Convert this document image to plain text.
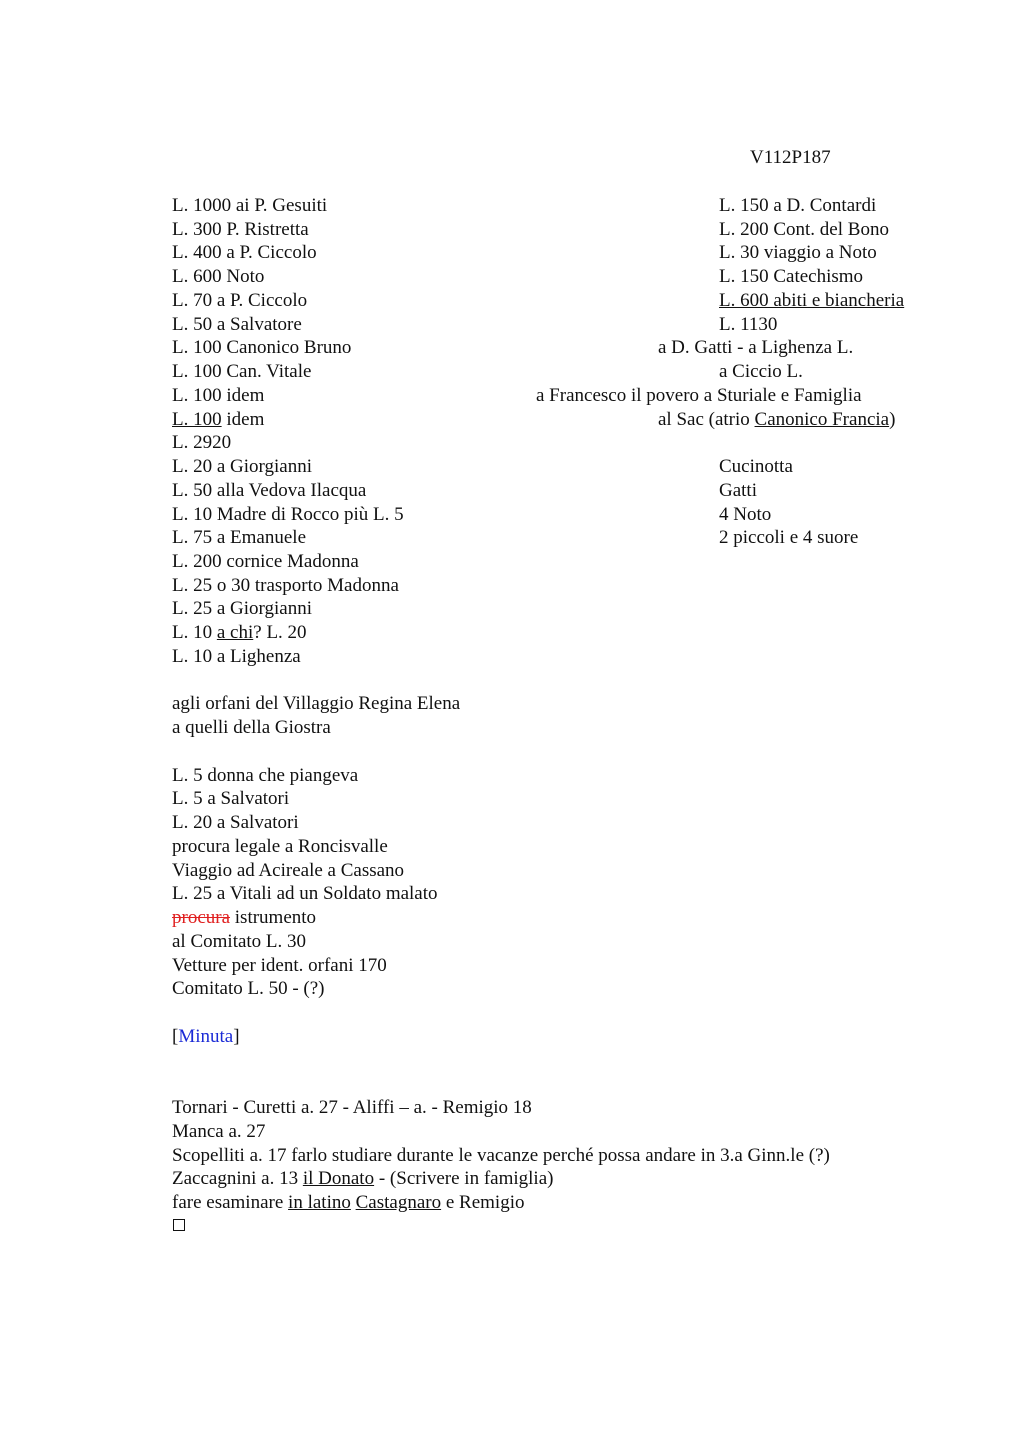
V112P187
L. 1000 ai P. Gesuiti
L. 300 P. Ristretta
L. 400 a P. Ciccolo
L. 600 Noto
L. 70 a P. Ciccolo
L. 50 a Salvatore
L. 100 Canonico Bruno
L. 100 Can. Vitale
L. 100 idem
L. 100 idem
L. 2920
L. 20 a Giorgianni
L. 50 alla Vedova Ilacqua
L. 10 Madre di Rocco più L. 5
L. 75 a Emanuele
L. 200 cornice Madonna
L. 25 o 30 trasporto Madonna
L. 25 a Giorgianni
L. 10 a chi? L. 20
L. 10 a Lighenza
L. 150 a D. Contardi
L. 200 Cont. del Bono
L. 30 viaggio a Noto
L. 150 Catechismo
L. 600 abiti e biancheria
L. 1130
a D. Gatti - a Lighenza L.
a Ciccio L.
a Francesco il povero a Sturiale e Famiglia
al Sac (atrio Canonico Francia)
Cucinotta
Gatti
4 Noto
2 piccoli e 4 suore
agli orfani del Villaggio Regina Elena
a quelli della Giostra
L. 5 donna che piangeva
L. 5 a Salvatori
L. 20 a Salvatori
procura legale a Roncisvalle
Viaggio ad Acireale a Cassano
L. 25 a Vitali ad un Soldato malato
procura istrumento
al Comitato L. 30
Vetture per ident. orfani 170
Comitato L. 50 - (?)
[Minuta]
Tornari - Curetti a. 27 - Aliffi – a. - Remigio 18
Manca a. 27
Scopelliti a. 17 farlo studiare durante le vacanze perché possa andare in 3.a Ginn.le (?)
Zaccagnini a. 13 il Donato - (Scrivere in famiglia)
fare esaminare in latino Castagnaro e Remigio
